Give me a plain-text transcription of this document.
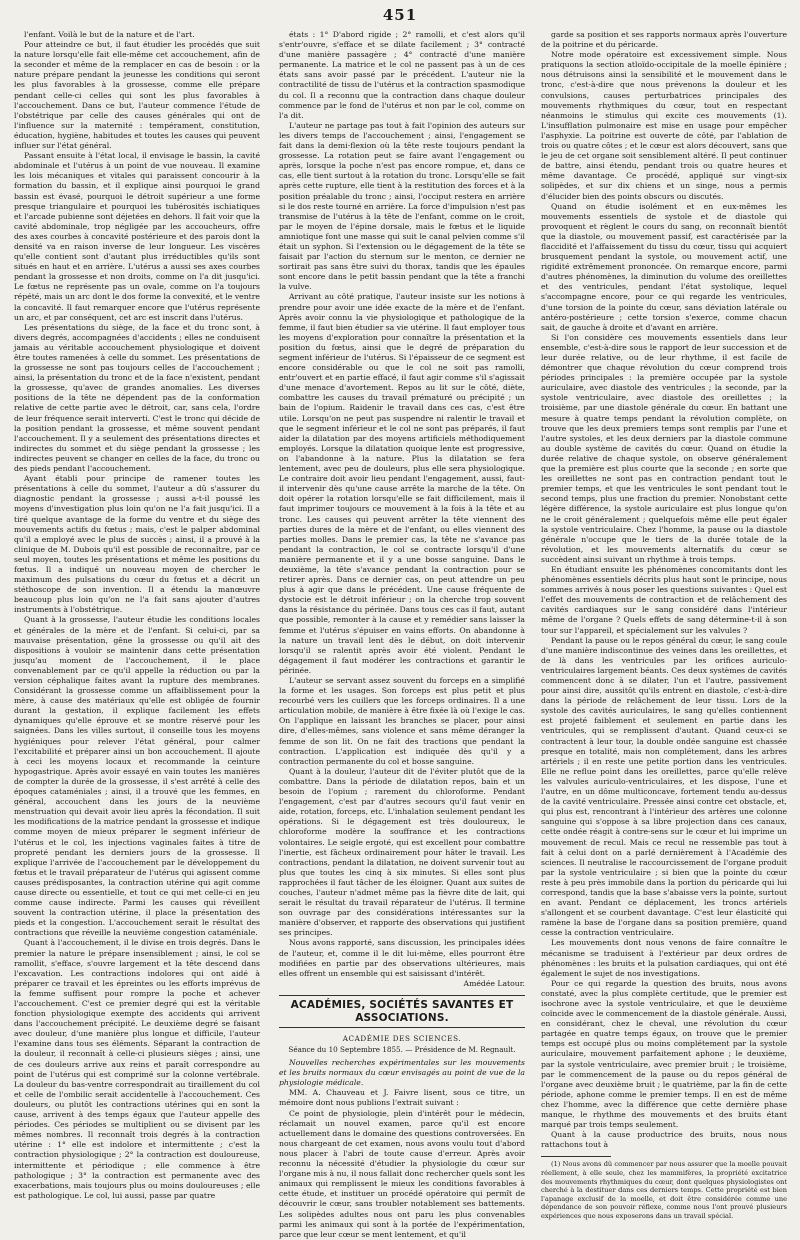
451

l'enfant. Voilà le but de la nature et de l'art.

Pour atteindre ce but, il faut étudier les procédés que suit la nature lorsqu'elle fait elle-même cet accouchement, afin de la seconder et même de la remplacer en cas de besoin : or la nature prépare pendant la jeunesse les conditions qui seront les plus favorables à la grossesse, comme elle prépare pendant celle-ci celles qui sont les plus favorables à l'accouchement. Dans ce but, l'auteur commence l'étude de l'obstétrique par celle des causes générales qui ont de l'influence sur la maternité : tempérament, constitution, éducation, hygiène, habitudes et toutes les causes qui peuvent influer sur l'état général.

Passant ensuite à l'état local, il envisage le bassin, la cavité abdominale et l'utérus à un point de vue nouveau. Il examine les lois mécaniques et vitales qui paraissent concourir à la formation du bassin, et il explique ainsi pourquoi le grand bassin est évasé, pourquoi le détroit supérieur a une forme presque triangulaire et pourquoi les tubérosités ischiatiques et l'arcade pubienne sont déjetées en dehors. Il fait voir que la cavité abdominale, trop négligée par les accoucheurs, offre des axes courbes à concavité postérieure et des parois dont la densité va en raison inverse de leur longueur. Les viscères qu'elle contient sont d'autant plus irréductibles qu'ils sont situés en haut et en arrière. L'utérus a aussi ses axes courbes pendant la grossesse et non droits, comme on l'a dit jusqu'ici. Le fœtus ne représente pas un ovale, comme on l'a toujours répété, mais un arc dont le dos forme la convexité, et le ventre la concavité. Il faut remarquer encore que l'utérus représente un arc, et par conséquent, cet arc est inscrit dans l'utérus.

Les présentations du siège, de la face et du tronc sont, à divers degrés, accompagnées d'accidents ; elles ne conduisent jamais au véritable accouchement physiologique et doivent être toutes ramenées à celle du sommet. Les présentations de la grossesse ne sont pas toujours celles de l'accouchement ; ainsi, la présentation du tronc et de la face n'existent, pendant la grossesse, qu'avec de grandes anomalies. Les diverses positions de la tête ne dépendent pas de la conformation relative de cette partie avec le détroit, car, sans cela, l'ordre de leur fréquence serait interverti. C'est le tronc qui décide de la position pendant la grossesse, et même souvent pendant l'accouchement. Il y a seulement des présentations directes et indirectes du sommet et du siège pendant la grossesse ; les indirectes peuvent se changer en celles de la face, du tronc ou des pieds pendant l'accouchement.

Ayant établi pour principe de ramener toutes les présentations à celle du sommet, l'auteur a dû s'assurer du diagnostic pendant la grossesse ; aussi a-t-il poussé les moyens d'investigation plus loin qu'on ne l'a fait jusqu'ici. Il a tiré quelque avantage de la forme du ventre et du siège des mouvements actifs du fœtus ; mais, c'est le palper abdominal qu'il a employé avec le plus de succès ; ainsi, il a prouvé à la clinique de M. Dubois qu'il est possible de reconnaître, par ce seul moyen, toutes les présentations et même les positions du fœtus. Il a indiqué un nouveau moyen de chercher le maximum des pulsations du cœur du fœtus et a décrit un stéthoscope de son invention. Il a étendu la manœuvre beaucoup plus loin qu'on ne l'a fait sans ajouter d'autres instruments à l'obstétrique.

Quant à la grossesse, l'auteur étudie les conditions locales et générales de la mère et de l'enfant. Si celui-ci, par sa mauvaise présentation, gêne la grossesse ou qu'il ait des dispositions à vouloir se maintenir dans cette présentation jusqu'au moment de l'accouchement, il le place convenablement par ce qu'il appelle la réduction ou par la version céphalique faites avant la rupture des membranes. Considérant la grossesse comme un affaiblissement pour la mère, à cause des matériaux qu'elle est obligée de fournir durant la gestation, il explique facilement les effets dynamiques qu'elle éprouve et se montre réservé pour les saignées. Dans les villes surtout, il conseille tous les moyens hygiéniques pour relever l'état général, pour calmer l'excitabilité et préparer ainsi un bon accouchement. Il ajoute à ceci les moyens locaux et recommande la ceinture hypogastrique. Après avoir essayé en vain toutes les manières de compter la durée de la grossesse, il s'est arrêté à celle des époques cataméniales ; ainsi, il a trouvé que les femmes, en général, accouchent dans les jours de la neuvième menstruation qui devait avoir lieu après la fécondation. Il suit les modifications de la matrice pendant la grossesse et indique comme moyen de mieux préparer le segment inférieur de l'utérus et le col, les injections vaginales faites à titre de propreté pendant les derniers jours de la grossesse. Il explique l'arrivée de l'accouchement par le développement du fœtus et le travail préparateur de l'utérus qui agissent comme causes prédisposantes, la contraction utérine qui agit comme cause directe ou essentielle, et tout ce qui met celle-ci en jeu comme cause indirecte. Parmi les causes qui réveillent souvent la contraction utérine, il place la présentation des pieds et la congestion. L'accouchement serait le résultat des contractions que réveille la neuvième congestion cataméniale.

Quant à l'accouchement, il le divise en trois degrés. Dans le premier la nature le prépare insensiblement ; ainsi, le col se ramollit, s'efface, s'ouvre largement et la tête descend dans l'excavation. Les contractions indolores qui ont aidé à préparer ce travail et les épreintes ou les efforts imprévus de la femme suffisent pour rompre la poche et achever l'accouchement. C'est ce premier degré qui est la véritable fonction physiologique exempte des accidents qui arrivent dans l'accouchement précipité. Le deuxième degré se faisant avec douleur, d'une manière plus longue et difficile, l'auteur l'examine dans tous ses éléments. Séparant la contraction de la douleur, il reconnaît à celle-ci plusieurs sièges ; ainsi, une de ces douleurs arrive aux reins et paraît correspondre au point de l'utérus qui est comprimé sur la colonne vertébrale. La douleur du bas-ventre correspondrait au tiraillement du col et celle de l'ombilic serait accidentelle à l'accouchement. Ces douleurs, ou plutôt les contractions utérines qui en sont la cause, arrivent à des temps égaux que l'auteur appelle des périodes. Ces périodes se multiplient ou se divisent par les mêmes nombres. Il reconnaît trois degrés à la contraction utérine : 1° elle est indolore et intermittente ; c'est la contraction physiologique ; 2° la contraction est douloureuse, intermittente et périodique ; elle commence à être pathologique ; 3° la contraction est permanente avec des exacerbations, mais toujours plus ou moins douloureuses ; elle est pathologique. Le col, lui aussi, passe par quatre

états : 1° D'abord rigide ; 2° ramolli, et c'est alors qu'il s'entr'ouvre, s'efface et se dilate facilement ; 3° contracté d'une manière passagère ; 4° contracté d'une manière permanente. La matrice et le col ne passent pas à un de ces états sans avoir passé par le précédent. L'auteur nie la contractilité de tissu de l'utérus et la contraction spasmodique du col. Il a reconnu que la contraction dans chaque douleur commence par le fond de l'utérus et non par le col, comme on l'a dit.

L'auteur ne partage pas tout à fait l'opinion des auteurs sur les divers temps de l'accouchement ; ainsi, l'engagement se fait dans la demi-flexion où la tête reste toujours pendant la grossesse. La rotation peut se faire avant l'engagement ou après, lorsque la poche n'est pas encore rompue, et, dans ce cas, elle tient surtout à la rotation du tronc. Lorsqu'elle se fait après cette rupture, elle tient à la restitution des forces et à la position préalable du tronc ; ainsi, l'occiput restera en arrière si le dos reste tourné en arrière. La force d'impulsion n'est pas transmise de l'utérus à la tête de l'enfant, comme on le croit, par le moyen de l'épine dorsale, mais le fœtus et le liquide amniotique font une masse qui suit le canal pelvien comme s'il était un syphon. Si l'extension ou le dégagement de la tête se faisait par l'action du sternum sur le menton, ce dernier ne sortirait pas sans être suivi du thorax, tandis que les épaules sont encore dans le petit bassin pendant que la tête a franchi la vulve.

Arrivant au côté pratique, l'auteur insiste sur les notions à prendre pour avoir une idée exacte de la mère et de l'enfant. Après avoir connu la vie physiologique et pathologique de la femme, il faut bien étudier sa vie utérine. Il faut employer tous les moyens d'exploration pour connaître la présentation et la position du fœtus, ainsi que le degré de préparation du segment inférieur de l'utérus. Si l'épaisseur de ce segment est encore considérable ou que le col ne soit pas ramolli, entr'ouvert et en partie effacé, il faut agir comme s'il s'agissait d'une menace d'avortement. Repos au lit sur le côté, diète, combattre les causes du travail prématuré ou précipité ; un bain de l'opium. Raidenir le travail dans ces cas, c'est être utile. Lorsqu'on ne peut pas suspendre ni ralentir le travail et que le segment inférieur et le col ne sont pas préparés, il faut aider la dilatation par des moyens artificiels méthodiquement employés. Lorsque la dilatation quoique lente est progressive, on l'abandonne à la nature. Plus la dilatation se fera lentement, avec peu de douleurs, plus elle sera physiologique. Le contraire doit avoir lieu pendant l'engagement, aussi, faut-il intervenir dès qu'une cause arrête la marche de la tête. On doit opérer la rotation lorsqu'elle se fait difficilement, mais il faut imprimer toujours ce mouvement à la fois à la tête et au tronc. Les causes qui peuvent arrêter la tête viennent des parties dures de la mère et de l'enfant, ou elles viennent des parties molles. Dans le premier cas, la tête ne s'avance pas pendant la contraction, le col se contracte lorsqu'il d'une manière permanente et il y a une bosse sanguine. Dans le deuxième, la tête s'avance pendant la contraction pour se retirer après. Dans ce dernier cas, on peut attendre un peu plus à agir que dans le précédent. Une cause fréquente de dystocie est le détroit inférieur ; on la cherche trop souvent dans la résistance du périnée. Dans tous ces cas il faut, autant que possible, remonter à la cause et y remédier sans laisser la femme et l'utérus s'épuiser en vains efforts. On abandonne à la nature un travail lent dès le début, on doit intervenir lorsqu'il se ralentit après avoir été violent. Pendant le dégagement il faut modérer les contractions et garantir le périnée.

L'auteur se servant assez souvent du forceps en a simplifié la forme et les usages. Son forceps est plus petit et plus recourbé vers les cuillers que les forceps ordinaires. Il a une articulation mobile, de manière à être fixée là où l'exige le cas. On l'applique en laissant les branches se placer, pour ainsi dire, d'elles-mêmes, sans violence et sans même déranger la femme de son lit. On ne fait des tractions que pendant la contraction. L'application est indiquée dès qu'il y a contraction permanente du col et bosse sanguine.

Quant à la douleur, l'auteur dit de l'éviter plutôt que de la combattre. Dans la période de dilatation repos, bain et un besoin de l'opium ; rarement du chloroforme. Pendant l'engagement, c'est par d'autres secours qu'il faut venir en aide, rotation, forceps, etc. L'inhalation seulement pendant les opérations. Si le dégagement est très douloureux, le chloroforme modère la souffrance et les contractions volontaires. Le seigle ergoté, qui est excellent pour combattre l'inertie, est fâcheux ordinairement pour hâter le travail. Les contractions, pendant la dilatation, ne doivent survenir tout au plus que toutes les cinq à six minutes. Si elles sont plus rapprochées il faut tâcher de les éloigner. Quant aux suites de couches, l'auteur n'admet même pas la fièvre dite de lait, qui serait le résultat du travail réparateur de l'utérus. Il termine son ouvrage par des considérations intéressantes sur la manière d'observer, et rapporte des observations qui justifient ses principes.

Nous avons rapporté, sans discussion, les principales idées de l'auteur, et, comme il le dit lui-même, elles pourront être modifiées en partie par des observations ultérieures, mais elles offrent un ensemble qui est saisissant d'intérêt.

Amédée Latour.

ACADÉMIES, SOCIÉTÉS SAVANTES ET ASSOCIATIONS.
ACADÉMIE DES SCIENCES.
Séance du 10 Septembre 1855. — Présidence de M. Regnault.

Nouvelles recherches expérimentales sur les mouvements et les bruits normaux du cœur envisagés au point de vue de la physiologie médicale.

MM. A. Chauveau et J. Faivre lisent, sous ce titre, un mémoire dont nous publions l'extrait suivant :

Ce point de physiologie, plein d'intérêt pour le médecin, réclamait un nouvel examen, parce qu'il est encore actuellement dans le domaine des questions controversées. En nous chargeant de cet examen, nous avons voulu tout d'abord nous placer à l'abri de toute cause d'erreur. Après avoir reconnu la nécessité d'étudier la physiologie du cœur sur l'organe mis à nu, il nous fallait donc rechercher quels sont les animaux qui remplissent le mieux les conditions favorables à cette étude, et instituer un procédé opératoire qui permît de découvrir le cœur, sans troubler notablement ses battements. Les solipèdes adultes nous ont paru les plus convenables parmi les animaux qui sont à la portée de l'expérimentation, parce que leur cœur se ment lentement, et qu'il

garde sa position et ses rapports normaux après l'ouverture de la poitrine et du péricarde.

Notre mode opératoire est excessivement simple. Nous pratiquons la section atloïdo-occipitale de la moelle épinière ; nous détruisons ainsi la sensibilité et le mouvement dans le tronc, c'est-à-dire que nous prévenons la douleur et les convulsions, causes perturbatrices principales des mouvements rhythmiques du cœur, tout en respectant néanmoins le stimulus qui excite ces mouvements (1). L'insufflation pulmonaire est mise en usage pour empêcher l'asphyxie. La poitrine est ouverte de côté, par l'ablation de trois ou quatre côtes ; et le cœur est alors découvert, sans que le jeu de cet organe soit sensiblement altéré. Il peut continuer de battre, ainsi étendu, pendant trois ou quatre heures et même davantage. Ce procédé, appliqué sur vingt-six solipèdes, et sur dix chiens et un singe, nous a permis d'élucider bien des points obscurs ou discutés.

Quand on étudie isolément et en eux-mêmes les mouvements essentiels de systole et de diastole qui provoquent et règlent le cours du sang, on reconnaît bientôt que la diastole, ou mouvement passif, est caractérisée par la flaccidité et l'affaissement du tissu du cœur, tissu qui acquiert brusquement pendant la systole, ou mouvement actif, une rigidité extrêmement prononcée. On remarque encore, parmi d'autres phénomènes, la diminution du volume des oreillettes et des ventricules, pendant l'état systolique, lequel s'accompagne encore, pour ce qui regarde les ventricules, d'une torsion de la pointe du cœur, sans déviation latérale ou antéro-postérieure ; cette torsion s'exerce, comme chacun sait, de gauche à droite et d'avant en arrière.

Si l'on considère ces mouvements essentiels dans leur ensemble, c'est-à-dire sous le rapport de leur succession et de leur durée relative, ou de leur rhythme, il est facile de démontrer que chaque révolution du cœur comprend trois périodes principales : la première occupée par la systole auriculaire, avec diastole des ventricules ; la seconde, par la systole ventriculaire, avec diastole des oreillettes ; la troisième, par une diastole générale du cœur. En battant une mesure à quatre temps pendant la révolution complète, on trouve que les deux premiers temps sont remplis par l'une et l'autre systoles, et les deux derniers par la diastole commune au double système de cavités du cœur. Quand on étudie la durée relative de chaque systole, on observe généralement que la première est plus courte que la seconde ; en sorte que les oreillettes ne sont pas en contraction pendant tout le premier temps, et que les ventricules le sont pendant tout le second temps, plus une fraction du premier. Nonobstant cette légère différence, la systole auriculaire est plus longue qu'on ne le croit généralement ; quelquefois même elle peut égaler la systole ventriculaire. Chez l'homme, la pause ou la diastole générale n'occupe que le tiers de la durée totale de la révolution, et les mouvements alternatifs du cœur se succèdent ainsi suivant un rhythme à trois temps.

En étudiant ensuite les phénomènes concomitants dont les phénomènes essentiels décrits plus haut sont le principe, nous sommes arrivés à nous poser les questions suivantes : Quel est l'effet des mouvements de contraction et de relâchement des cavités cardiaques sur le sang considéré dans l'intérieur même de l'organe ? Quels effets de sang détermine-t-il à son tour sur l'appareil, et spécialement sur les valvules ?

Pendant la pause ou le repos général du cœur, le sang coule d'une manière indiscontinue des veines dans les oreillettes, et de là dans les ventricules par les orifices auriculo-ventriculaires largement béants. Ces deux systèmes de cavités commencent donc à se dilater, l'un et l'autre, passivement pour ainsi dire, aussitôt qu'ils entrent en diastole, c'est-à-dire dans la période de relâchement de leur tissu. Lors de la systole des cavités auriculaires, le sang qu'elles contiennent est projeté faiblement et seulement en partie dans les ventricules, qui se remplissent d'autant. Quand ceux-ci se contractent à leur tour, la double ondée sanguine est chassée presque en totalité, mais non complétement, dans les arbres artériels ; il en reste une petite portion dans les ventricules. Elle ne reflue point dans les oreillettes, parce qu'elle relève les valvules auriculo-ventriculaires, et les dispose, l'une et l'autre, en un dôme multiconcave, fortement tendu au-dessus de la cavité ventriculaire. Pressée ainsi contre cet obstacle, et, qui plus est, rencontrant à l'intérieur des artères une colonne sanguine qui s'oppose à sa libre projection dans ces canaux, cette ondée réagit à contre-sens sur le cœur et lui imprime un mouvement de recul. Mais ce recul ne ressemble pas tout à fait à celui dont on a parlé dernièrement à l'Académie des sciences. Il neutralise le raccourcissement de l'organe produit par la systole ventriculaire ; si bien que la pointe du cœur reste à peu près immobile dans la portion du péricarde qui lui correspond, tandis que la base s'abaisse vers la pointe, surtout en avant. Pendant ce déplacement, les troncs artériels s'allongent et se courbent davantage. C'est leur élasticité qui ramène la base de l'organe dans sa position première, quand cesse la contraction ventriculaire.

Les mouvements dont nous venons de faire connaître le mécanisme se traduisent à l'extérieur par deux ordres de phénomènes : les bruits et la pulsation cardiaques, qui ont été également le sujet de nos investigations.

Pour ce qui regarde la question des bruits, nous avons constaté, avec la plus complète certitude, que le premier est isochrone avec la systole ventriculaire, et que le deuxième coïncide avec le commencement de la diastole générale. Aussi, en considérant, chez le cheval, une révolution du cœur partagée en quatre temps égaux, on trouve que le premier temps est occupé plus ou moins complétement par la systole auriculaire, mouvement parfaitement aphone ; le deuxième, par la systole ventriculaire, avec premier bruit ; le troisième, par le commencement de la pause ou du repos général de l'organe avec deuxième bruit ; le quatrième, par la fin de cette période, aphone comme le premier temps. Il en est de même chez l'homme, avec la différence que cette dernière phase manque, le rhythme des mouvements et des bruits étant marqué par trois temps seulement.

Quant à la cause productrice des bruits, nous nous rattachons tout à

(1) Nous avons dû commencer par nous assurer que la moelle pouvait réellement, à elle seule, chez les mammifères, la propriété excitatrice des mouvements rhythmiques du cœur, dont quelques physiologistes ont cherché à la destituer dans ces derniers temps. Cette propriété est bien l'apanage exclusif de la moelle, et doit être considérée comme une dépendance de son pouvoir réflexe, comme nous l'ont prouvé plusieurs expériences que nous exposerons dans un travail spécial.
